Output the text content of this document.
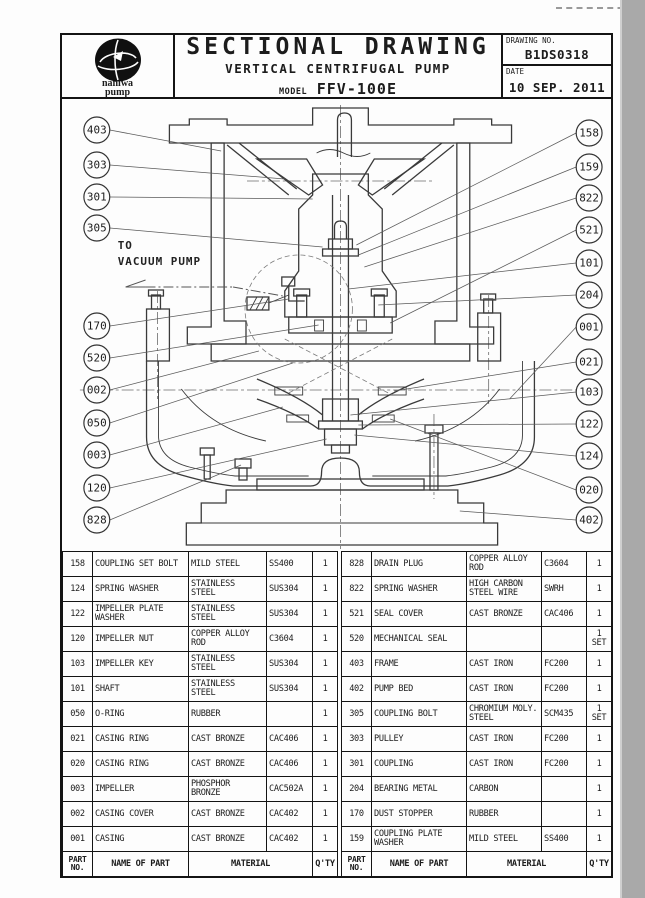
naniwa
pump
SECTIONAL DRAWING
VERTICAL CENTRIFUGAL PUMP
MODEL FFV-100E
DRAWING NO.
B1DS0318
DATE
10 SEP. 2011
TO
VACUUM PUMP
403
303
301
305
170
520
002
050
003
120
828
158
159
822
521
101
204
001
021
103
122
124
020
402
158	COUPLING SET BOLT	MILD STEEL	SS400	1
124	SPRING WASHER	STAINLESS STEEL	SUS304	1
122	IMPELLER PLATE WASHER	STAINLESS STEEL	SUS304	1
120	IMPELLER NUT	COPPER ALLOY ROD	C3604	1
103	IMPELLER KEY	STAINLESS STEEL	SUS304	1
101	SHAFT	STAINLESS STEEL	SUS304	1
050	O-RING	RUBBER		1
021	CASING RING	CAST BRONZE	CAC406	1
020	CASING RING	CAST BRONZE	CAC406	1
003	IMPELLER	PHOSPHOR BRONZE	CAC502A	1
002	CASING COVER	CAST BRONZE	CAC402	1
001	CASING	CAST BRONZE	CAC402	1
PART NO.	NAME OF PART	MATERIAL		Q'TY
828	DRAIN PLUG	COPPER ALLOY ROD	C3604	1
822	SPRING WASHER	HIGH CARBON STEEL WIRE	SWRH	1
521	SEAL COVER	CAST BRONZE	CAC406	1
520	MECHANICAL SEAL			1 SET
403	FRAME	CAST IRON	FC200	1
402	PUMP BED	CAST IRON	FC200	1
305	COUPLING BOLT	CHROMIUM MOLY. STEEL	SCM435	1 SET
303	PULLEY	CAST IRON	FC200	1
301	COUPLING	CAST IRON	FC200	1
204	BEARING METAL	CARBON		1
170	DUST STOPPER	RUBBER		1
159	COUPLING PLATE WASHER	MILD STEEL	SS400	1
PART NO.	NAME OF PART	MATERIAL		Q'TY
